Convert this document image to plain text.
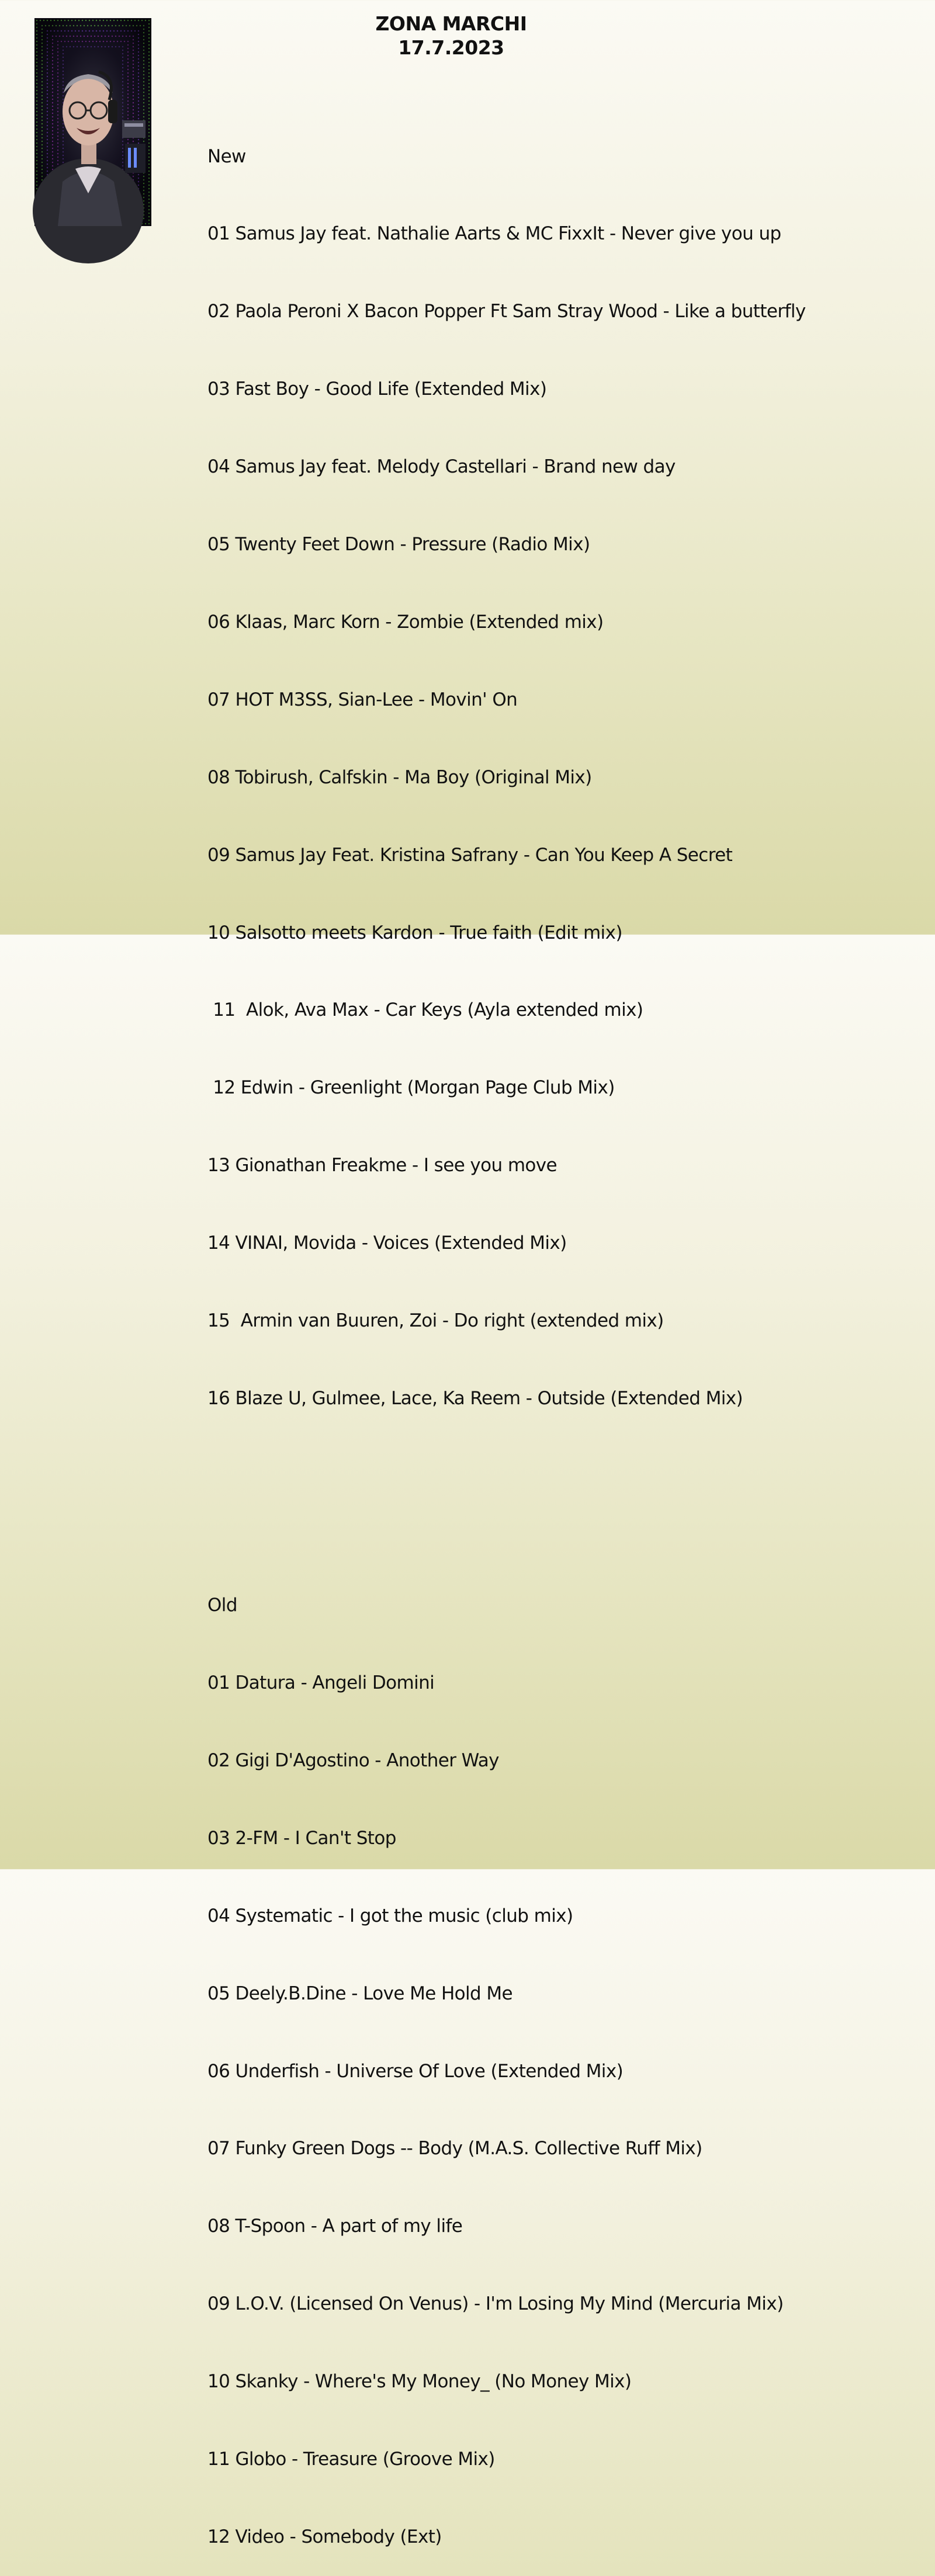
ZONA MARCHI
17.7.2023

New

01 Samus Jay feat. Nathalie Aarts & MC FixxIt - Never give you up

02 Paola Peroni X Bacon Popper Ft Sam Stray Wood - Like a butterfly

03 Fast Boy - Good Life (Extended Mix)

04 Samus Jay feat. Melody Castellari - Brand new day

05 Twenty Feet Down - Pressure (Radio Mix)

06 Klaas, Marc Korn - Zombie (Extended mix)

07 HOT M3SS, Sian-Lee - Movin' On

08 Tobirush, Calfskin - Ma Boy (Original Mix)

09 Samus Jay Feat. Kristina Safrany - Can You Keep A Secret

10 Salsotto meets Kardon - True faith (Edit mix)

11  Alok, Ava Max - Car Keys (Ayla extended mix)

12 Edwin - Greenlight (Morgan Page Club Mix)

13 Gionathan Freakme - I see you move

14 VINAI, Movida - Voices (Extended Mix)

15  Armin van Buuren, Zoi - Do right (extended mix)

16 Blaze U, Gulmee, Lace, Ka Reem - Outside (Extended Mix)

Old

01 Datura - Angeli Domini

02 Gigi D'Agostino - Another Way

03 2-FM - I Can't Stop

04 Systematic - I got the music (club mix)

05 Deely.B.Dine - Love Me Hold Me

06 Underfish - Universe Of Love (Extended Mix)

07 Funky Green Dogs -- Body (M.A.S. Collective Ruff Mix)

08 T-Spoon - A part of my life

09 L.O.V. (Licensed On Venus) - I'm Losing My Mind (Mercuria Mix)

10 Skanky - Where's My Money_ (No Money Mix)

11 Globo - Treasure (Groove Mix)

12 Video - Somebody (Ext)
